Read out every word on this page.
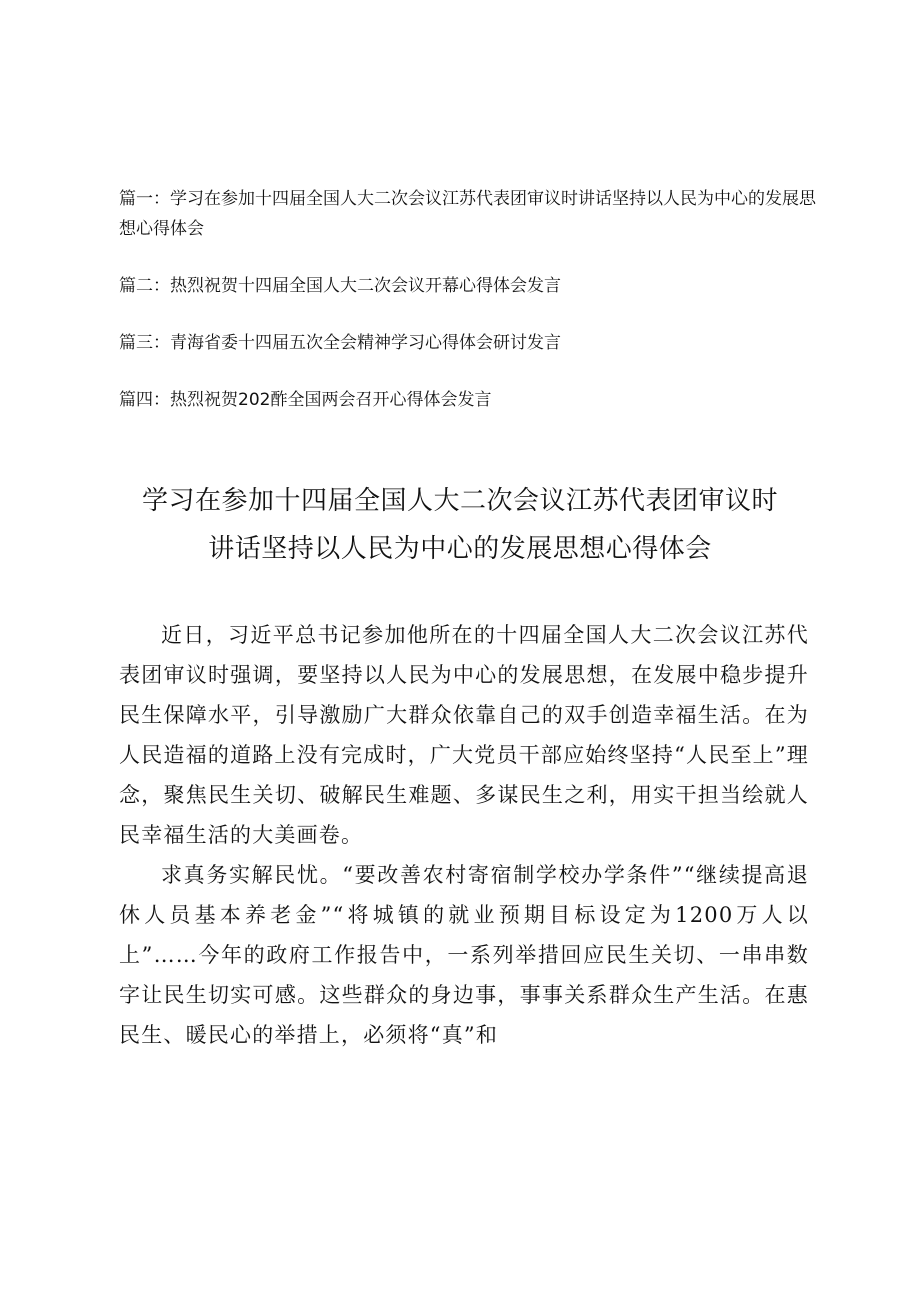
篇一：学习在参加十四届全国人大二次会议江苏代表团审议时讲话坚持以人民为中心的发展思想心得体会
篇二：热烈祝贺十四届全国人大二次会议开幕心得体会发言
篇三：青海省委十四届五次全会精神学习心得体会研讨发言
篇四：热烈祝贺202酢全国两会召开心得体会发言
学习在参加十四届全国人大二次会议江苏代表团审议时
讲话坚持以人民为中心的发展思想心得体会

近日，习近平总书记参加他所在的十四届全国人大二次会议江苏代表团审议时强调，要坚持以人民为中心的发展思想，在发展中稳步提升民生保障水平，引导激励广大群众依靠自己的双手创造幸福生活。在为人民造福的道路上没有完成时，广大党员干部应始终坚持“人民至上”理念，聚焦民生关切、破解民生难题、多谋民生之利，用实干担当绘就人民幸福生活的大美画卷。

求真务实解民忧。“要改善农村寄宿制学校办学条件”“继续提高退休人员基本养老金”“将城镇的就业预期目标设定为1200万人以上”……今年的政府工作报告中，一系列举措回应民生关切、一串串数字让民生切实可感。这些群众的身边事，事事关系群众生产生活。在惠民生、暖民心的举措上，必须将“真”和
